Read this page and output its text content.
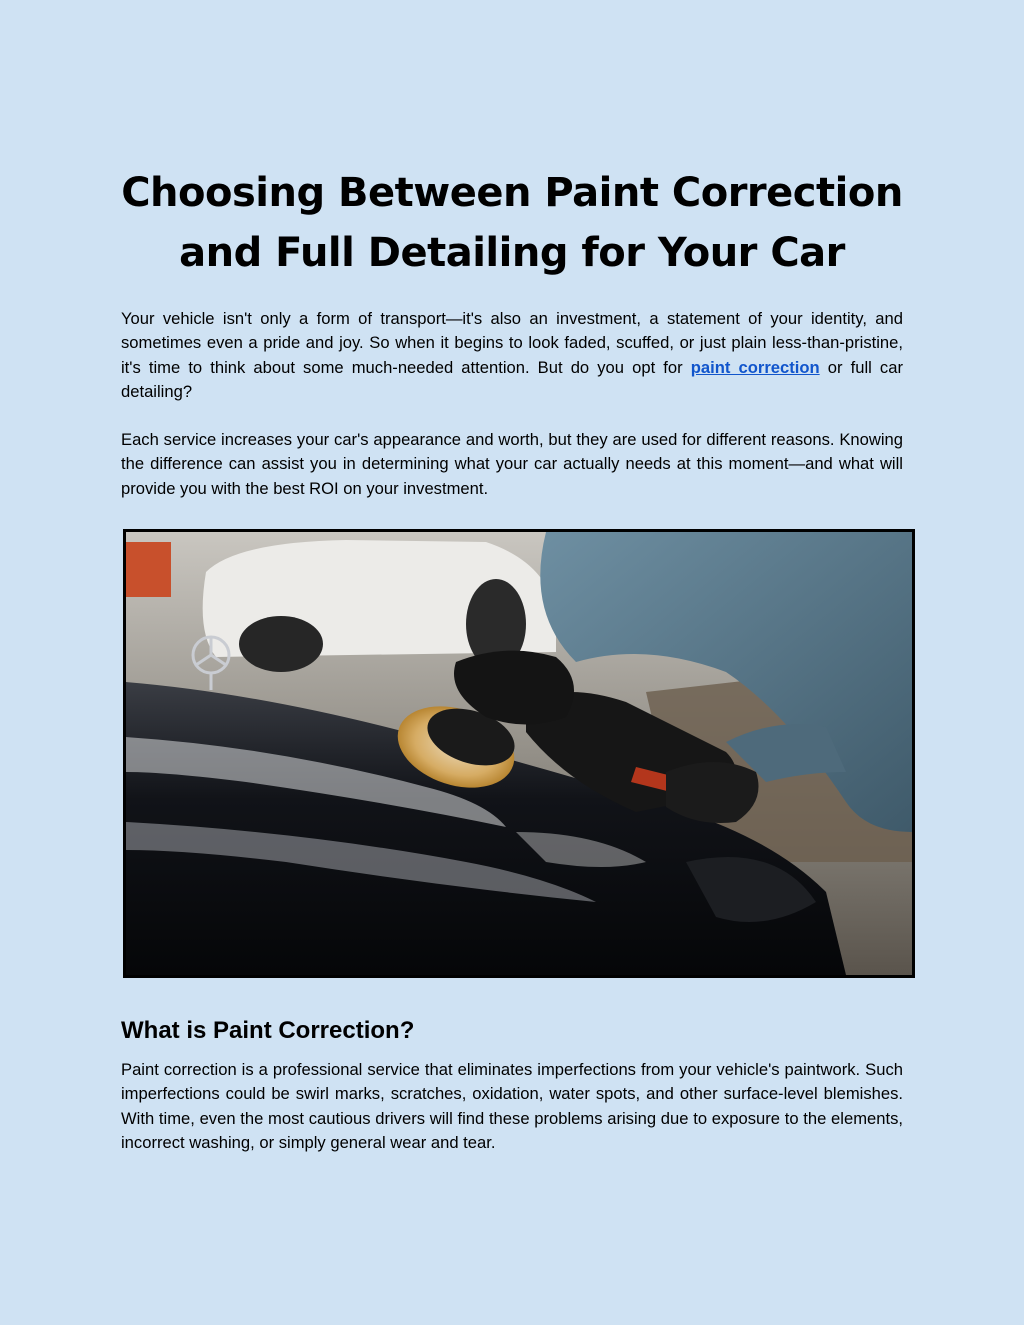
Choosing Between Paint Correction
and Full Detailing for Your Car

Your vehicle isn't only a form of transport—it's also an investment, a statement of your identity, and sometimes even a pride and joy. So when it begins to look faded, scuffed, or just plain less-than-pristine, it's time to think about some much-needed attention. But do you opt for paint correction or full car detailing?

Each service increases your car's appearance and worth, but they are used for different reasons. Knowing the difference can assist you in determining what your car actually needs at this moment—and what will provide you with the best ROI on your investment.

What is Paint Correction?

Paint correction is a professional service that eliminates imperfections from your vehicle's paintwork. Such imperfections could be swirl marks, scratches, oxidation, water spots, and other surface-level blemishes. With time, even the most cautious drivers will find these problems arising due to exposure to the elements, incorrect washing, or simply general wear and tear.
